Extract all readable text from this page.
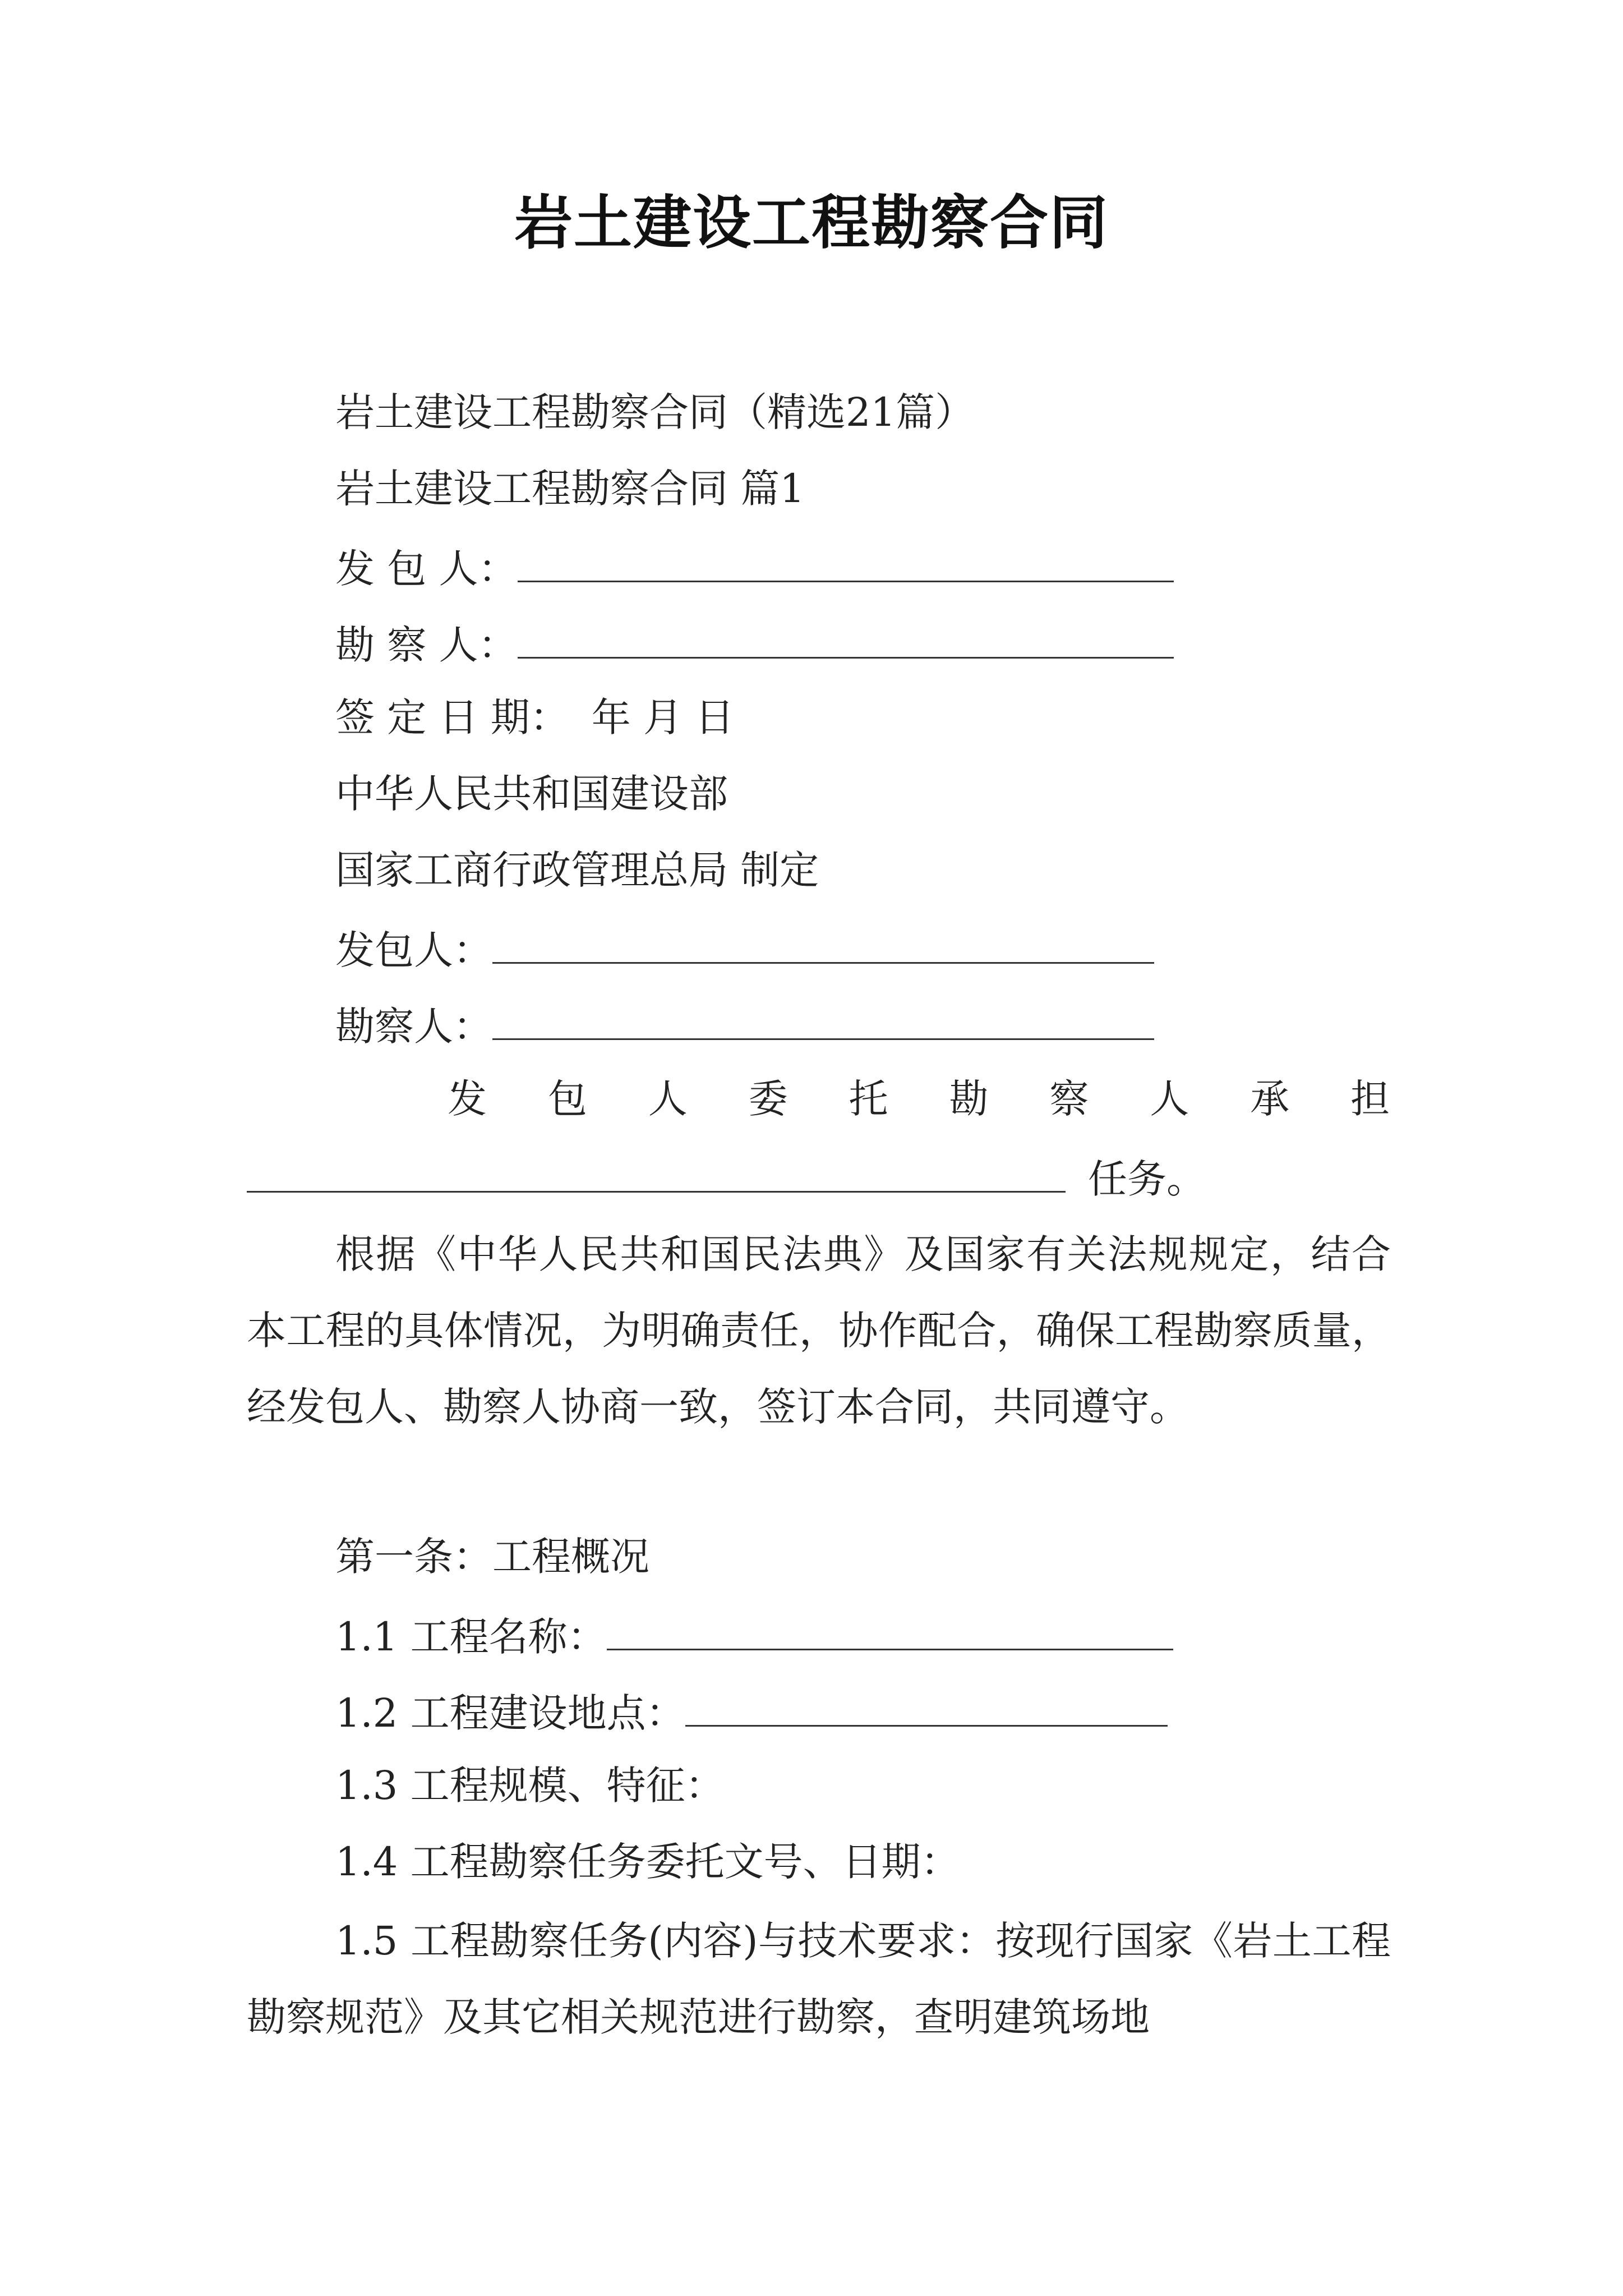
岩土建设工程勘察合同
岩土建设工程勘察合同（精选21篇）
岩土建设工程勘察合同 篇1
发 包 人：
勘 察 人：
签 定 日 期： 年 月 日
中华人民共和国建设部
国家工商行政管理总局 制定
发包人：
勘察人：
发 包 人 委 托 勘 察 人 承 担
任务。
根据《中华人民共和国民法典》及国家有关法规规定，结合本工程的具体情况，为明确责任，协作配合，确保工程勘察质量，经发包人、勘察人协商一致，签订本合同，共同遵守。
第一条：工程概况
1.1 工程名称：
1.2 工程建设地点：
1.3 工程规模、特征：
1.4 工程勘察任务委托文号、日期：
1.5 工程勘察任务(内容)与技术要求：按现行国家《岩土工程勘察规范》及其它相关规范进行勘察，查明建筑场地
